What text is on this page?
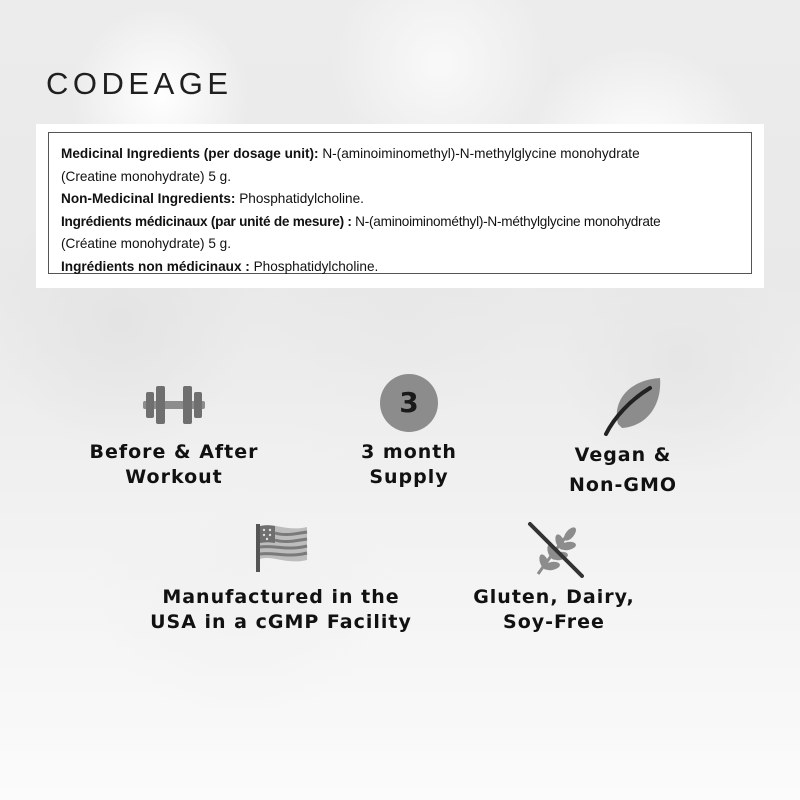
CODEAGE
Medicinal Ingredients (per dosage unit): N-(aminoiminomethyl)-N-methylglycine monohydrate
(Creatine monohydrate) 5 g.
Non-Medicinal Ingredients: Phosphatidylcholine.
Ingrédients médicinaux (par unité de mesure) : N-(aminoiminométhyl)-N-méthylglycine monohydrate
(Créatine monohydrate) 5 g.
Ingrédients non médicinaux : Phosphatidylcholine.
Before & After
Workout
3
3 month
Supply
Vegan &
Non-GMO
Manufactured in the
USA in a cGMP Facility
Gluten, Dairy,
Soy-Free
